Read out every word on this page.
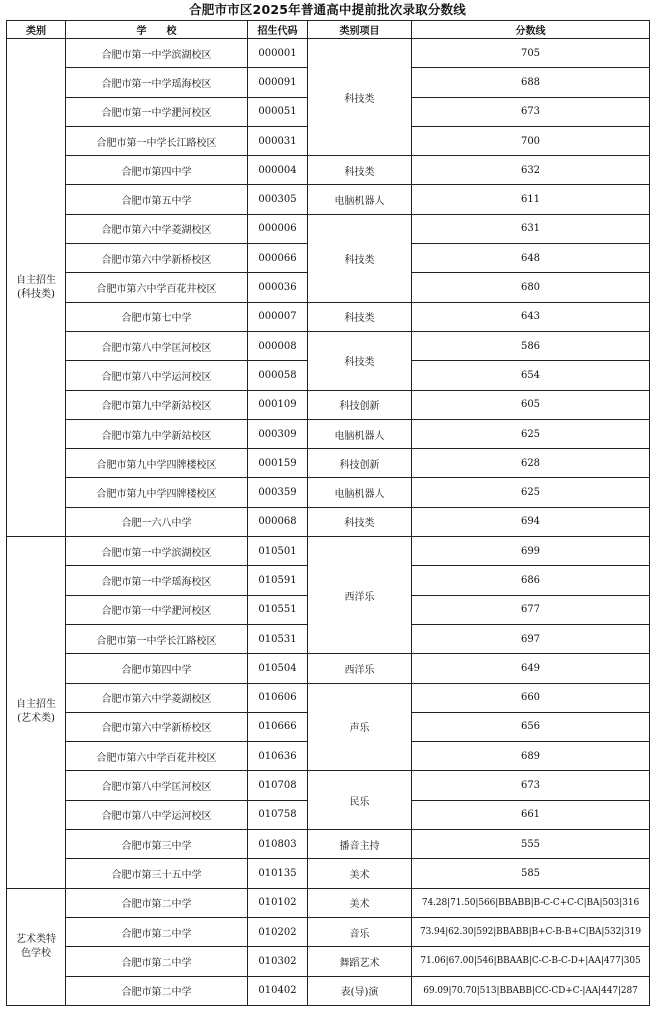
合肥市市区2025年普通高中提前批次录取分数线
类别	学　　校	招生代码	类别项目	分数线

自主招生
(科技类)	合肥市第一中学滨湖校区	000001	科技类	705
	合肥市第一中学瑶海校区	000091		688
	合肥市第一中学淝河校区	000051		673
	合肥市第一中学长江路校区	000031		700
	合肥市第四中学	000004	科技类	632
	合肥市第五中学	000305	电脑机器人	611
	合肥市第六中学菱湖校区	000006	科技类	631
	合肥市第六中学新桥校区	000066		648
	合肥市第六中学百花井校区	000036		680
	合肥市第七中学	000007	科技类	643
	合肥市第八中学匡河校区	000008	科技类	586
	合肥市第八中学运河校区	000058		654
	合肥市第九中学新站校区	000109	科技创新	605
	合肥市第九中学新站校区	000309	电脑机器人	625
	合肥市第九中学四牌楼校区	000159	科技创新	628
	合肥市第九中学四牌楼校区	000359	电脑机器人	625
	合肥一六八中学	000068	科技类	694

自主招生
(艺术类)	合肥市第一中学滨湖校区	010501	西洋乐	699
	合肥市第一中学瑶海校区	010591		686
	合肥市第一中学淝河校区	010551		677
	合肥市第一中学长江路校区	010531		697
	合肥市第四中学	010504	西洋乐	649
	合肥市第六中学菱湖校区	010606	声乐	660
	合肥市第六中学新桥校区	010666		656
	合肥市第六中学百花井校区	010636		689
	合肥市第八中学匡河校区	010708	民乐	673
	合肥市第八中学运河校区	010758		661
	合肥市第三中学	010803	播音主持	555
	合肥市第三十五中学	010135	美术	585

艺术类特
色学校	合肥市第二中学	010102	美术	74.28|71.50|566|BBABB|B-C-C+C-C|BA|503|316
	合肥市第二中学	010202	音乐	73.94|62.30|592|BBABB|B+C-B-B+C|BA|532|319
	合肥市第二中学	010302	舞蹈艺术	71.06|67.00|546|BBAAB|C-C-B-C-D+|AA|477|305
	合肥市第二中学	010402	表(导)演	69.09|70.70|513|BBABB|CC-CD+C-|AA|447|287
